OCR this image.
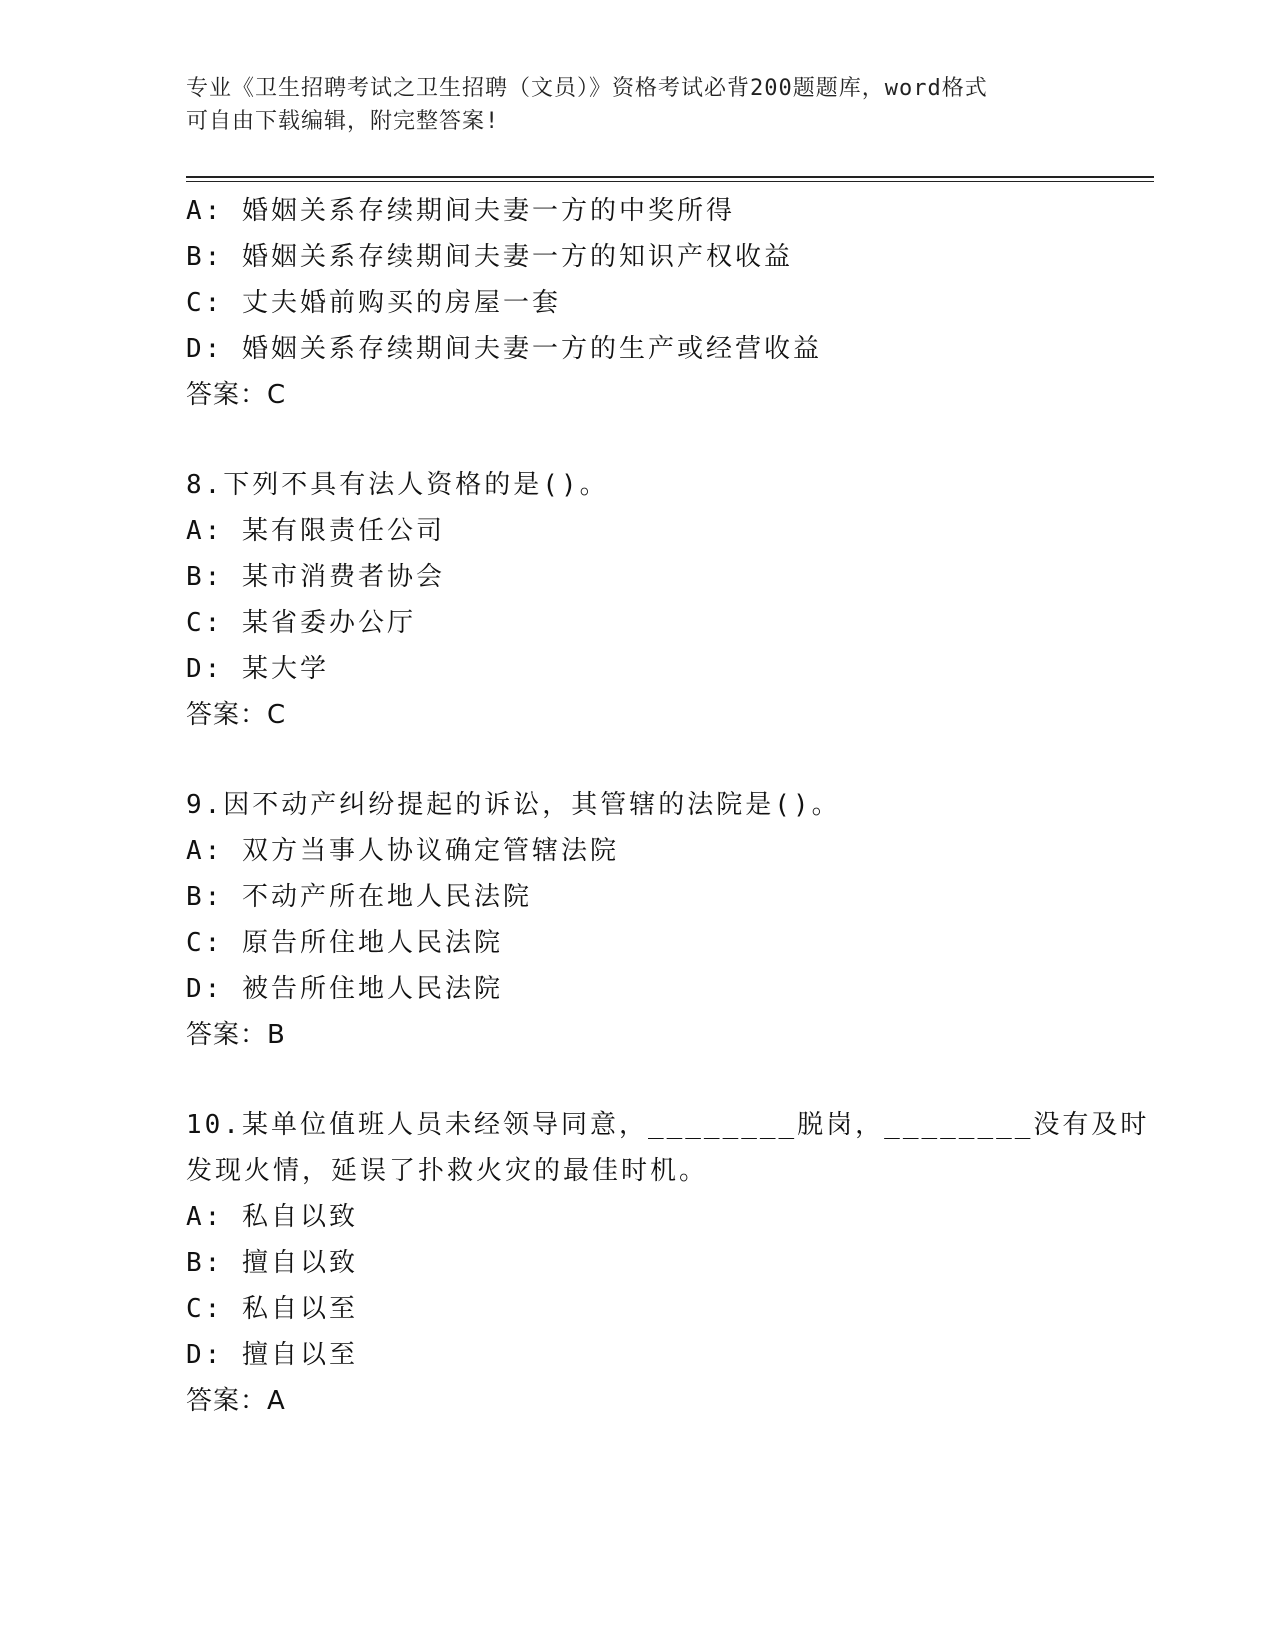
专业《卫生招聘考试之卫生招聘（文员）》资格考试必背200题题库，word格式
可自由下载编辑，附完整答案!
A: 婚姻关系存续期间夫妻一方的中奖所得
B: 婚姻关系存续期间夫妻一方的知识产权收益
C: 丈夫婚前购买的房屋一套
D: 婚姻关系存续期间夫妻一方的生产或经营收益
答案：C
8.下列不具有法人资格的是()。
A: 某有限责任公司
B: 某市消费者协会
C: 某省委办公厅
D: 某大学
答案：C
9.因不动产纠纷提起的诉讼，其管辖的法院是()。
A: 双方当事人协议确定管辖法院
B: 不动产所在地人民法院
C: 原告所住地人民法院
D: 被告所住地人民法院
答案：B
10.某单位值班人员未经领导同意，________脱岗，________没有及时
发现火情，延误了扑救火灾的最佳时机。
A: 私自以致
B: 擅自以致
C: 私自以至
D: 擅自以至
答案：A
